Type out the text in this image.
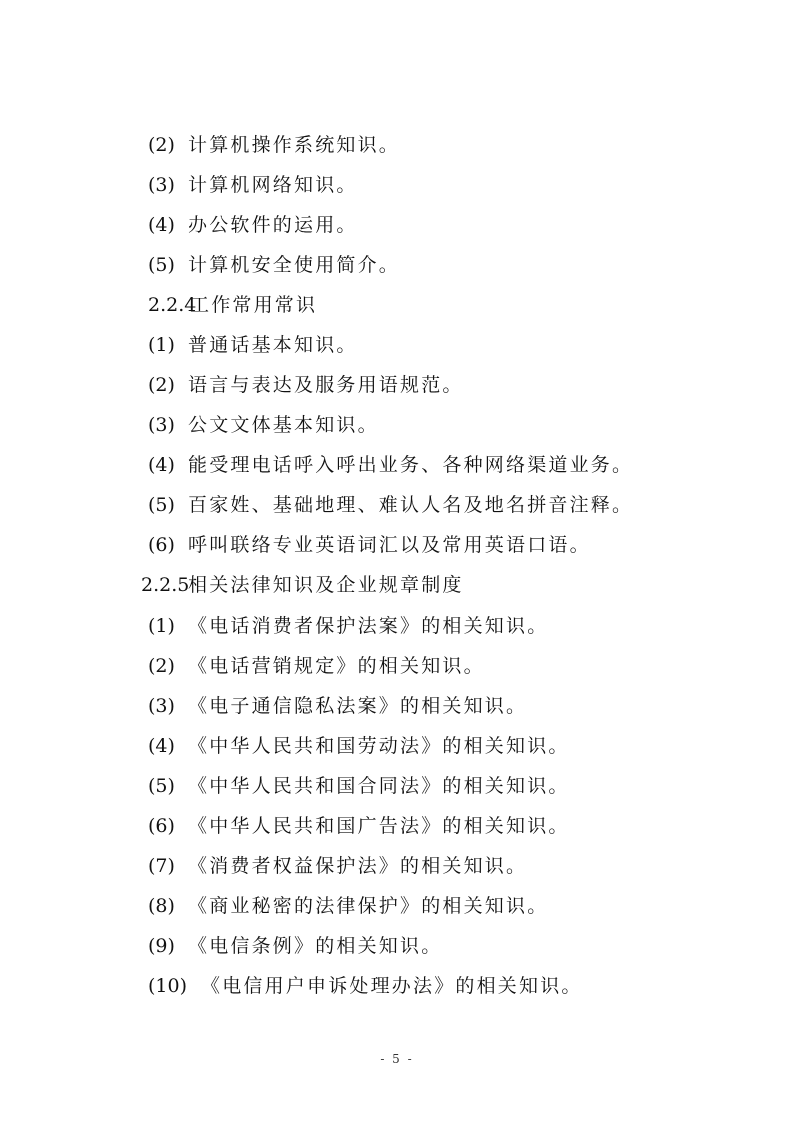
(2) 计算机操作系统知识。
(3) 计算机网络知识。
(4) 办公软件的运用。
(5) 计算机安全使用简介。
2.2.4工作常用常识
(1) 普通话基本知识。
(2) 语言与表达及服务用语规范。
(3) 公文文体基本知识。
(4) 能受理电话呼入呼出业务、各种网络渠道业务。
(5) 百家姓、基础地理、难认人名及地名拼音注释。
(6) 呼叫联络专业英语词汇以及常用英语口语。
2.2.5相关法律知识及企业规章制度
(1) 《电话消费者保护法案》的相关知识。
(2) 《电话营销规定》的相关知识。
(3) 《电子通信隐私法案》的相关知识。
(4) 《中华人民共和国劳动法》的相关知识。
(5) 《中华人民共和国合同法》的相关知识。
(6) 《中华人民共和国广告法》的相关知识。
(7) 《消费者权益保护法》的相关知识。
(8) 《商业秘密的法律保护》的相关知识。
(9) 《电信条例》的相关知识。
(10) 《电信用户申诉处理办法》的相关知识。
- 5 -
